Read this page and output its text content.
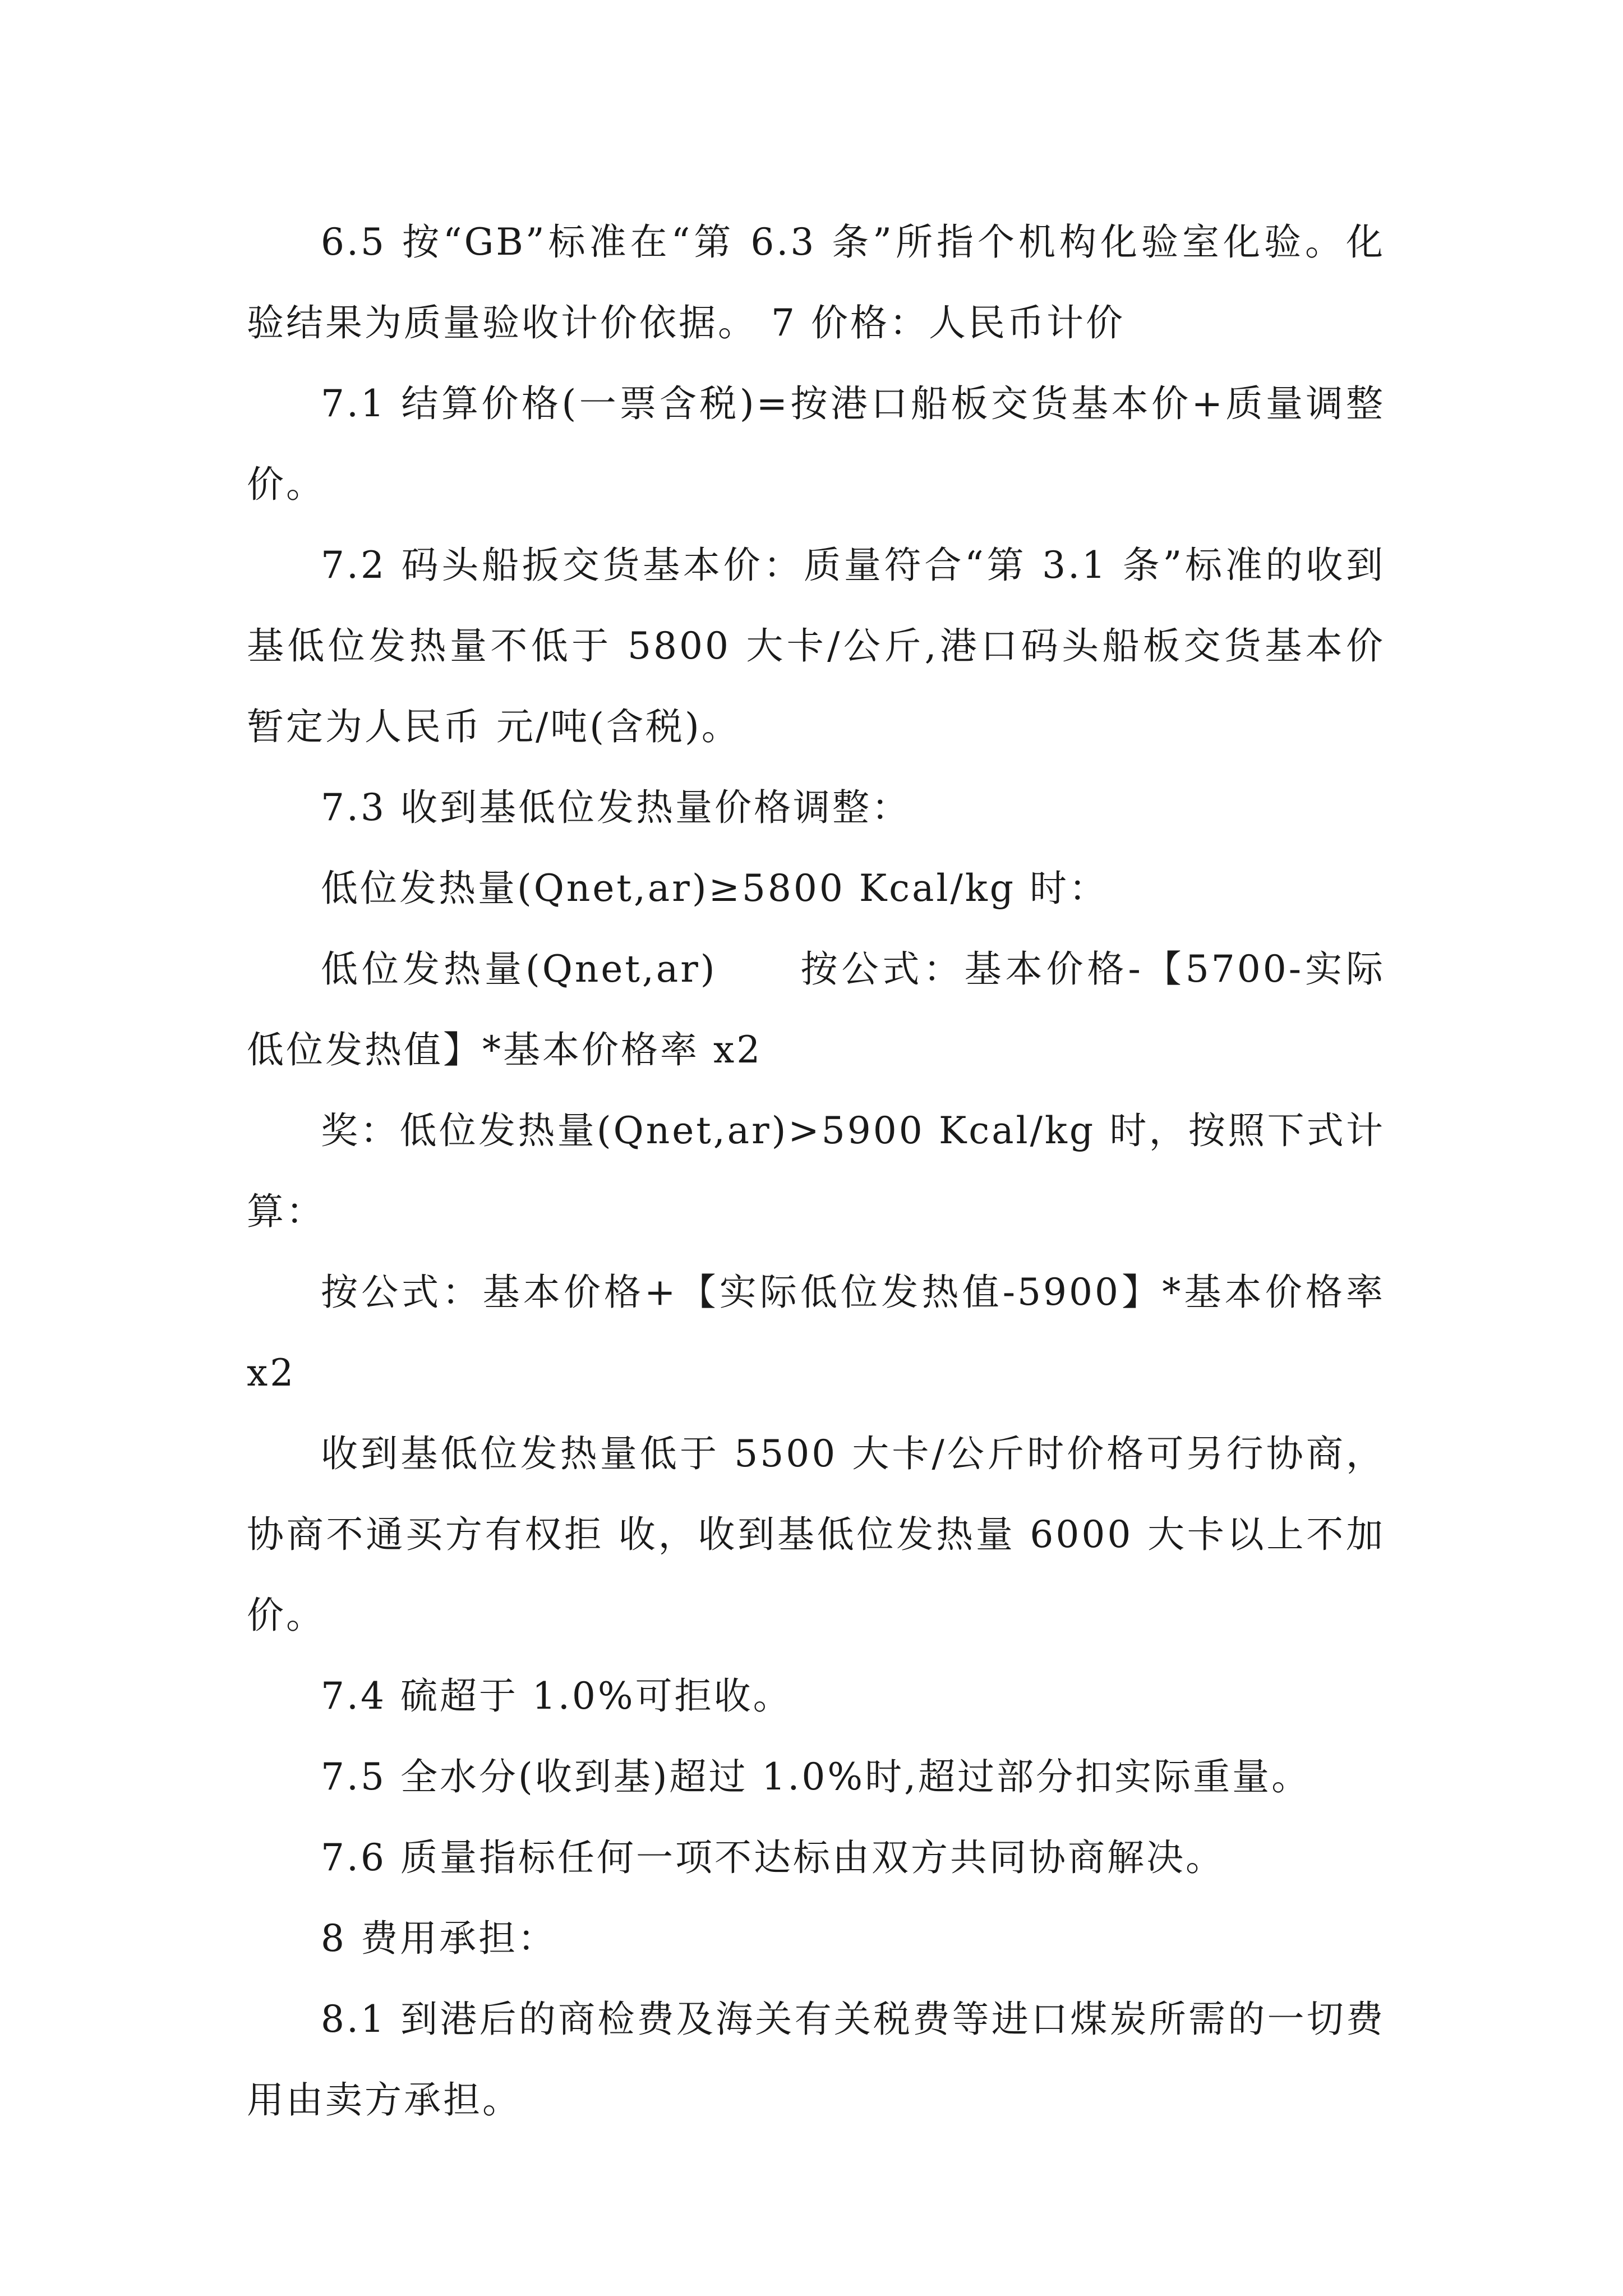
6.5 按“GB”标准在“第 6.3 条”所指个机构化验室化验。化验结果为质量验收计价依据。 7 价格：人民币计价

7.1 结算价格(一票含税)=按港口船板交货基本价+质量调整价。

7.2 码头船扳交货基本价：质量符合“第 3.1 条”标准的收到基低位发热量不低于 5800 大卡/公斤,港口码头船板交货基本价暂定为人民币 元/吨(含税)。

7.3 收到基低位发热量价格调整：

低位发热量(Qnet,ar)≥5800 Kcal/kg 时：

低位发热量(Qnet,ar)　　按公式：基本价格-【5700-实际低位发热值】*基本价格率 x2

奖：低位发热量(Qnet,ar)>5900 Kcal/kg 时，按照下式计算：

按公式：基本价格+【实际低位发热值-5900】*基本价格率 x2

收到基低位发热量低于 5500 大卡/公斤时价格可另行协商，协商不通买方有权拒 收，收到基低位发热量 6000 大卡以上不加价。

7.4 硫超于 1.0%可拒收。

7.5 全水分(收到基)超过 1.0%时,超过部分扣实际重量。

7.6 质量指标任何一项不达标由双方共同协商解决。

8 费用承担：

8.1 到港后的商检费及海关有关税费等进口煤炭所需的一切费用由卖方承担。
